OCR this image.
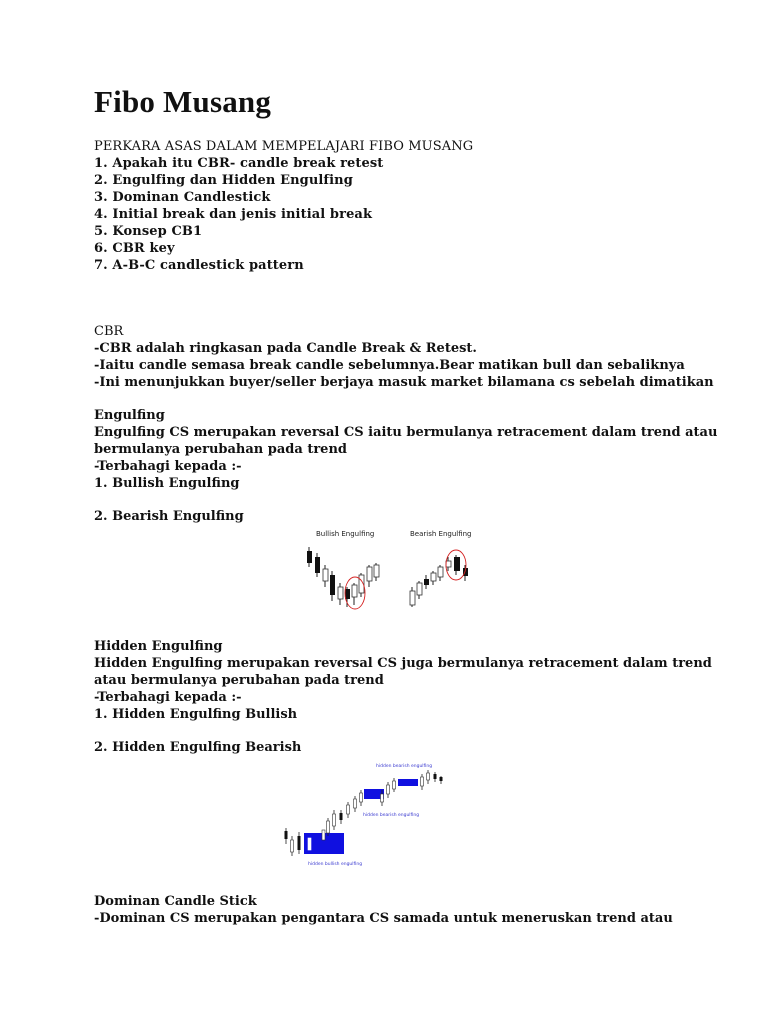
Fibo Musang

PERKARA ASAS DALAM MEMPELAJARI FIBO MUSANG

1. Apakah itu CBR- candle break retest

2. Engulfing dan Hidden Engulfing

3. Dominan Candlestick

4. Initial break dan jenis initial break

5. Konsep CB1

6. CBR key

7. A-B-C candlestick pattern

CBR

-CBR adalah ringkasan pada Candle Break & Retest.

-Iaitu candle semasa break candle sebelumnya.Bear matikan bull dan sebaliknya

-Ini menunjukkan buyer/seller berjaya masuk market bilamana cs sebelah dimatikan

Engulfing

Engulfing CS merupakan reversal CS iaitu bermulanya retracement dalam trend atau

bermulanya perubahan pada trend

-Terbahagi kepada :-

1. Bullish Engulfing

2. Bearish Engulfing

Hidden Engulfing

Hidden Engulfing merupakan reversal CS juga bermulanya retracement dalam trend

atau bermulanya perubahan pada trend

-Terbahagi kepada :-

1. Hidden Engulfing Bullish

2. Hidden Engulfing Bearish

Dominan Candle Stick

-Dominan CS merupakan pengantara CS samada untuk meneruskan trend atau

Bullish Engulfing	Bearish Engulfing
hidden bearish engulfing
hidden bearish engulfing
hidden bullish engulfing
